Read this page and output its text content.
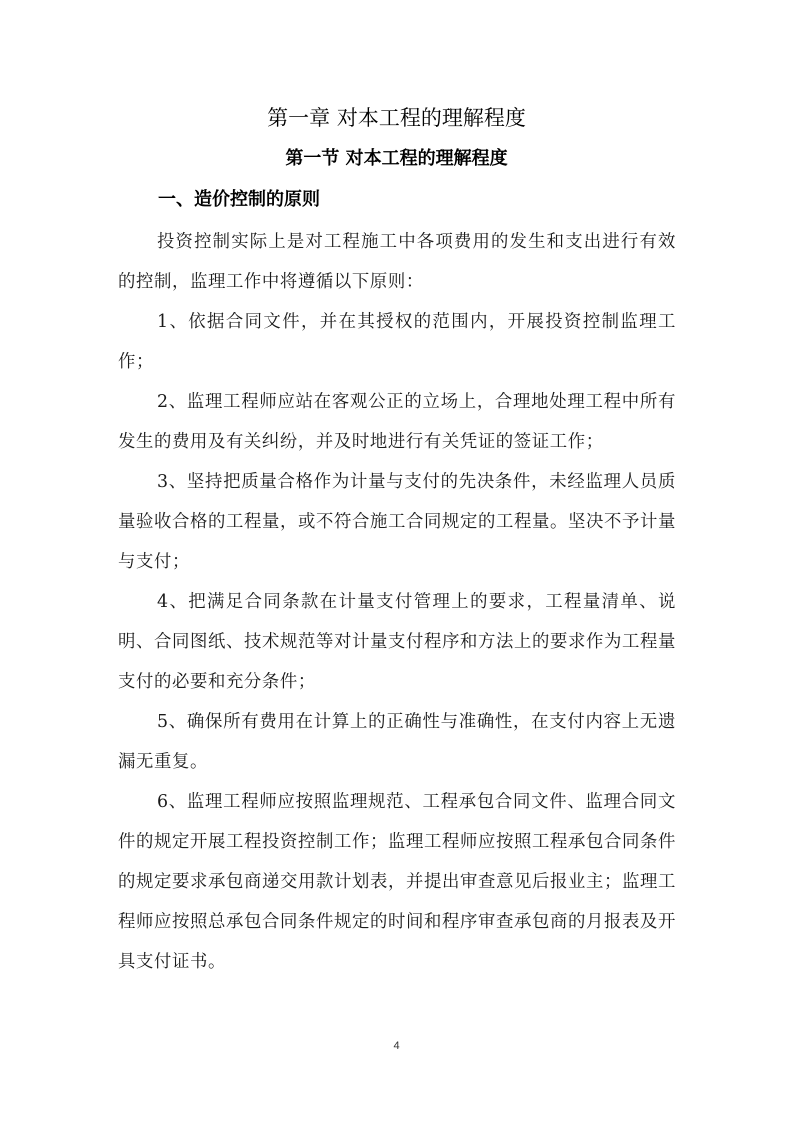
第一章 对本工程的理解程度
第一节 对本工程的理解程度
一、造价控制的原则

投资控制实际上是对工程施工中各项费用的发生和支出进行有效的控制，监理工作中将遵循以下原则：

1、依据合同文件，并在其授权的范围内，开展投资控制监理工作；

2、监理工程师应站在客观公正的立场上，合理地处理工程中所有发生的费用及有关纠纷，并及时地进行有关凭证的签证工作；

3、坚持把质量合格作为计量与支付的先决条件，未经监理人员质量验收合格的工程量，或不符合施工合同规定的工程量。坚决不予计量与支付；

4、把满足合同条款在计量支付管理上的要求，工程量清单、说明、合同图纸、技术规范等对计量支付程序和方法上的要求作为工程量支付的必要和充分条件；

5、确保所有费用在计算上的正确性与准确性，在支付内容上无遗漏无重复。

6、监理工程师应按照监理规范、工程承包合同文件、监理合同文件的规定开展工程投资控制工作；监理工程师应按照工程承包合同条件的规定要求承包商递交用款计划表，并提出审查意见后报业主；监理工程师应按照总承包合同条件规定的时间和程序审查承包商的月报表及开具支付证书。

4
